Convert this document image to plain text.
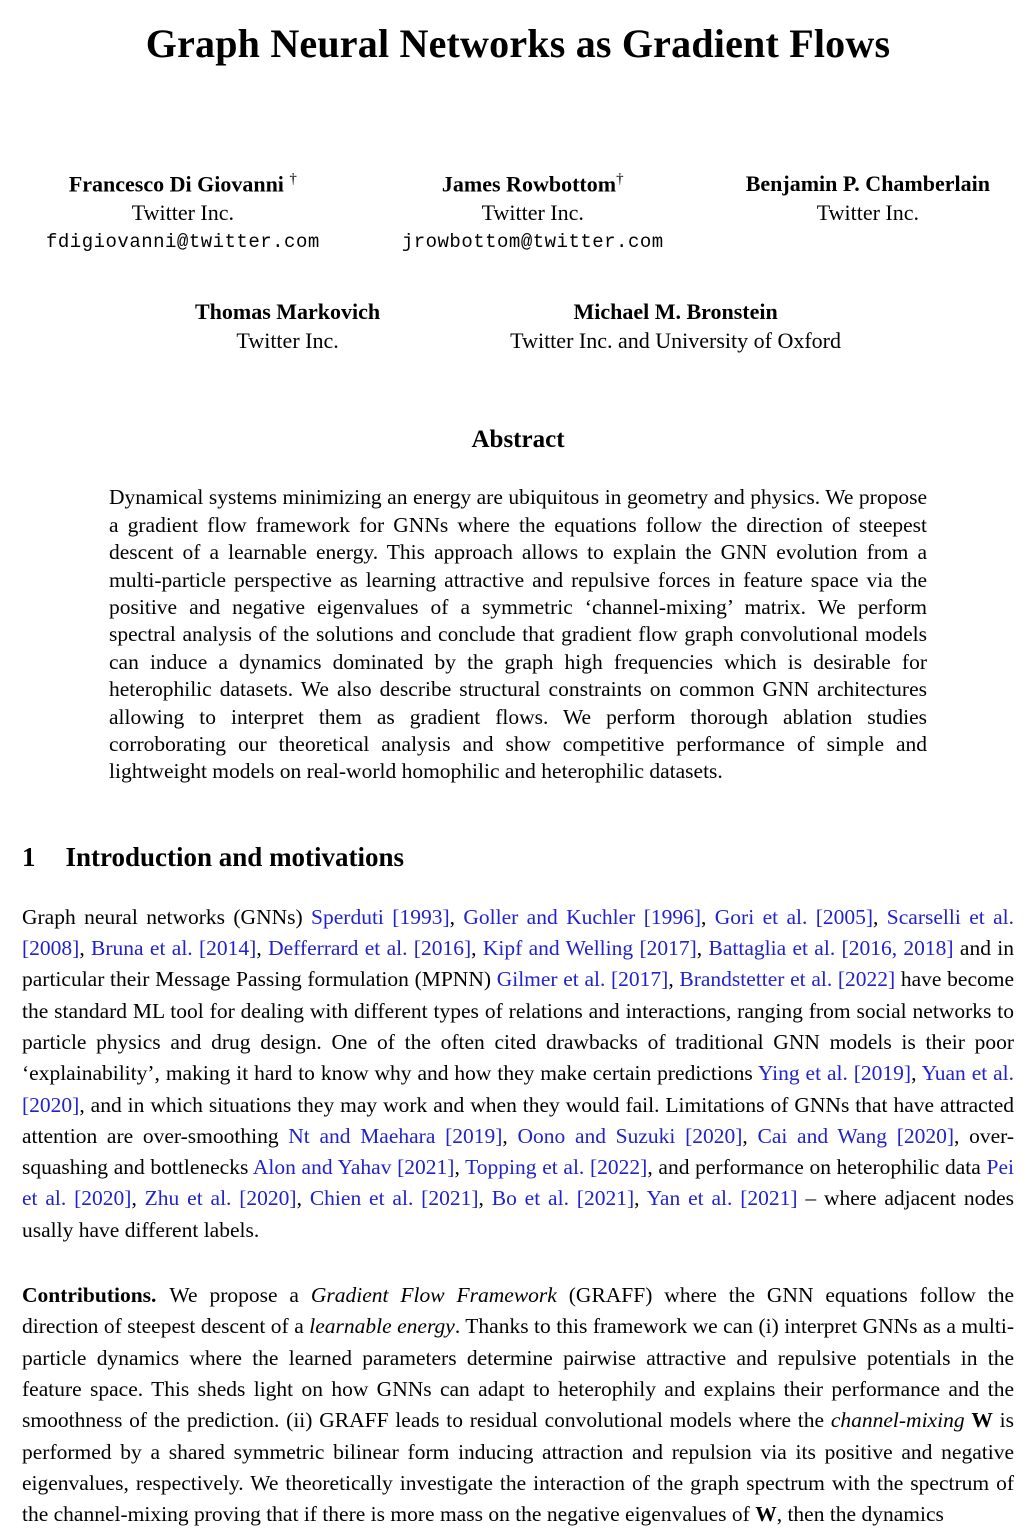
Graph Neural Networks as Gradient Flows
Francesco Di Giovanni †
Twitter Inc.
fdigiovanni@twitter.com
James Rowbottom†
Twitter Inc.
jrowbottom@twitter.com
Benjamin P. Chamberlain
Twitter Inc.
Thomas Markovich
Twitter Inc.
Michael M. Bronstein
Twitter Inc. and University of Oxford
Abstract

Dynamical systems minimizing an energy are ubiquitous in geometry and physics. We propose a gradient flow framework for GNNs where the equations follow the direction of steepest descent of a learnable energy. This approach allows to explain the GNN evolution from a multi-particle perspective as learning attractive and repulsive forces in feature space via the positive and negative eigenvalues of a symmetric ‘channel-mixing’ matrix. We perform spectral analysis of the solutions and conclude that gradient flow graph convolutional models can induce a dynamics dominated by the graph high frequencies which is desirable for heterophilic datasets. We also describe structural constraints on common GNN architectures allowing to interpret them as gradient flows. We perform thorough ablation studies corroborating our theoretical analysis and show competitive performance of simple and lightweight models on real-world homophilic and heterophilic datasets.

1 Introduction and motivations

Graph neural networks (GNNs) Sperduti [1993], Goller and Kuchler [1996], Gori et al. [2005], Scarselli et al. [2008], Bruna et al. [2014], Defferrard et al. [2016], Kipf and Welling [2017], Battaglia et al. [2016, 2018] and in particular their Message Passing formulation (MPNN) Gilmer et al. [2017], Brandstetter et al. [2022] have become the standard ML tool for dealing with different types of relations and interactions, ranging from social networks to particle physics and drug design. One of the often cited drawbacks of traditional GNN models is their poor ‘explainability’, making it hard to know why and how they make certain predictions Ying et al. [2019], Yuan et al. [2020], and in which situations they may work and when they would fail. Limitations of GNNs that have attracted attention are over-smoothing Nt and Maehara [2019], Oono and Suzuki [2020], Cai and Wang [2020], over-squashing and bottlenecks Alon and Yahav [2021], Topping et al. [2022], and performance on heterophilic data Pei et al. [2020], Zhu et al. [2020], Chien et al. [2021], Bo et al. [2021], Yan et al. [2021] – where adjacent nodes usally have different labels.

Contributions. We propose a Gradient Flow Framework (GRAFF) where the GNN equations follow the direction of steepest descent of a learnable energy. Thanks to this framework we can (i) interpret GNNs as a multi-particle dynamics where the learned parameters determine pairwise attractive and repulsive potentials in the feature space. This sheds light on how GNNs can adapt to heterophily and explains their performance and the smoothness of the prediction. (ii) GRAFF leads to residual convolutional models where the channel-mixing W is performed by a shared symmetric bilinear form inducing attraction and repulsion via its positive and negative eigenvalues, respectively. We theoretically investigate the interaction of the graph spectrum with the spectrum of the channel-mixing proving that if there is more mass on the negative eigenvalues of W, then the dynamics
